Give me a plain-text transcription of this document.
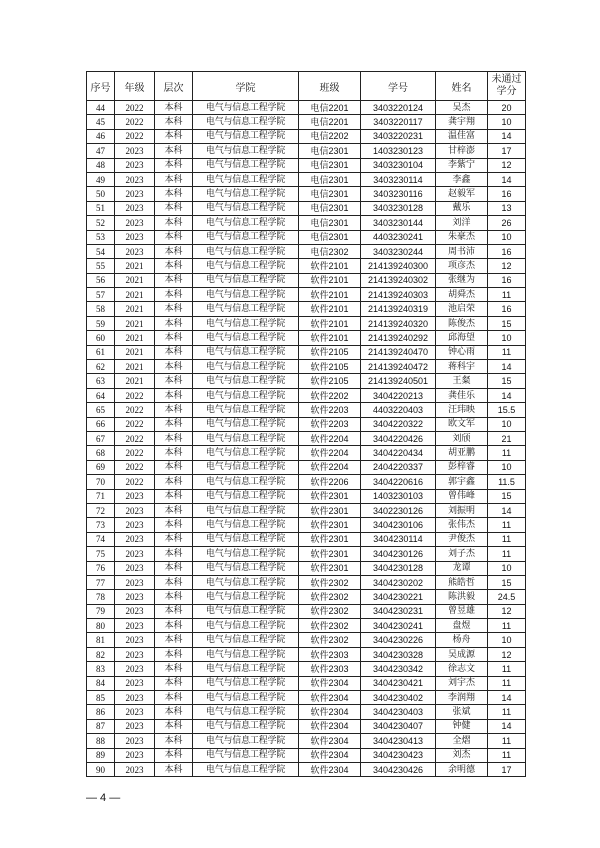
序号	年级	层次	学院	班级	学号	姓名	未通过学分
44	2022	本科	电气与信息工程学院	电信2201	3403220124	吴杰	20
45	2022	本科	电气与信息工程学院	电信2201	3403220117	龚宇翔	10
46	2022	本科	电气与信息工程学院	电信2202	3403220231	温佳富	14
47	2023	本科	电气与信息工程学院	电信2301	1403230123	甘梓澎	17
48	2023	本科	电气与信息工程学院	电信2301	3403230104	李紫宁	12
49	2023	本科	电气与信息工程学院	电信2301	3403230114	李鑫	14
50	2023	本科	电气与信息工程学院	电信2301	3403230116	赵毅军	16
51	2023	本科	电气与信息工程学院	电信2301	3403230128	戴乐	13
52	2023	本科	电气与信息工程学院	电信2301	3403230144	刘洋	26
53	2023	本科	电气与信息工程学院	电信2301	4403230241	朱豪杰	10
54	2023	本科	电气与信息工程学院	电信2302	3403230244	周书沛	16
55	2021	本科	电气与信息工程学院	软件2101	214139240300	项彦杰	12
56	2021	本科	电气与信息工程学院	软件2101	214139240302	张继为	16
57	2021	本科	电气与信息工程学院	软件2101	214139240303	胡舜杰	11
58	2021	本科	电气与信息工程学院	软件2101	214139240319	池启荣	16
59	2021	本科	电气与信息工程学院	软件2101	214139240320	陈俊杰	15
60	2021	本科	电气与信息工程学院	软件2101	214139240292	邱海望	10
61	2021	本科	电气与信息工程学院	软件2105	214139240470	钟心雨	11
62	2021	本科	电气与信息工程学院	软件2105	214139240472	蒋科宇	14
63	2021	本科	电气与信息工程学院	软件2105	214139240501	王粲	15
64	2022	本科	电气与信息工程学院	软件2202	3404220213	龚佳乐	14
65	2022	本科	电气与信息工程学院	软件2203	4403220403	汪玮映	15.5
66	2022	本科	电气与信息工程学院	软件2203	3404220322	欧文军	10
67	2022	本科	电气与信息工程学院	软件2204	3404220426	刘颀	21
68	2022	本科	电气与信息工程学院	软件2204	3404220434	胡亚鹏	11
69	2022	本科	电气与信息工程学院	软件2204	2404220337	彭梓睿	10
70	2022	本科	电气与信息工程学院	软件2206	3404220616	郭宇鑫	11.5
71	2023	本科	电气与信息工程学院	软件2301	1403230103	曾伟峰	15
72	2023	本科	电气与信息工程学院	软件2301	3402230126	刘振明	14
73	2023	本科	电气与信息工程学院	软件2301	3404230106	张伟杰	11
74	2023	本科	电气与信息工程学院	软件2301	3404230114	尹俊杰	11
75	2023	本科	电气与信息工程学院	软件2301	3404230126	刘子杰	11
76	2023	本科	电气与信息工程学院	软件2301	3404230128	龙谭	10
77	2023	本科	电气与信息工程学院	软件2302	3404230202	熊皓哲	15
78	2023	本科	电气与信息工程学院	软件2302	3404230221	陈洪毅	24.5
79	2023	本科	电气与信息工程学院	软件2302	3404230231	曾昱雄	12
80	2023	本科	电气与信息工程学院	软件2302	3404230241	盘煜	11
81	2023	本科	电气与信息工程学院	软件2302	3404230226	杨舟	10
82	2023	本科	电气与信息工程学院	软件2303	3404230328	吴成源	12
83	2023	本科	电气与信息工程学院	软件2303	3404230342	徐志文	11
84	2023	本科	电气与信息工程学院	软件2304	3404230421	刘宇杰	11
85	2023	本科	电气与信息工程学院	软件2304	3404230402	李润翔	14
86	2023	本科	电气与信息工程学院	软件2304	3404230403	张斌	11
87	2023	本科	电气与信息工程学院	软件2304	3404230407	钟健	14
88	2023	本科	电气与信息工程学院	软件2304	3404230413	全熠	11
89	2023	本科	电气与信息工程学院	软件2304	3404230423	刘杰	11
90	2023	本科	电气与信息工程学院	软件2304	3404230426	余明德	17
— 4 —
